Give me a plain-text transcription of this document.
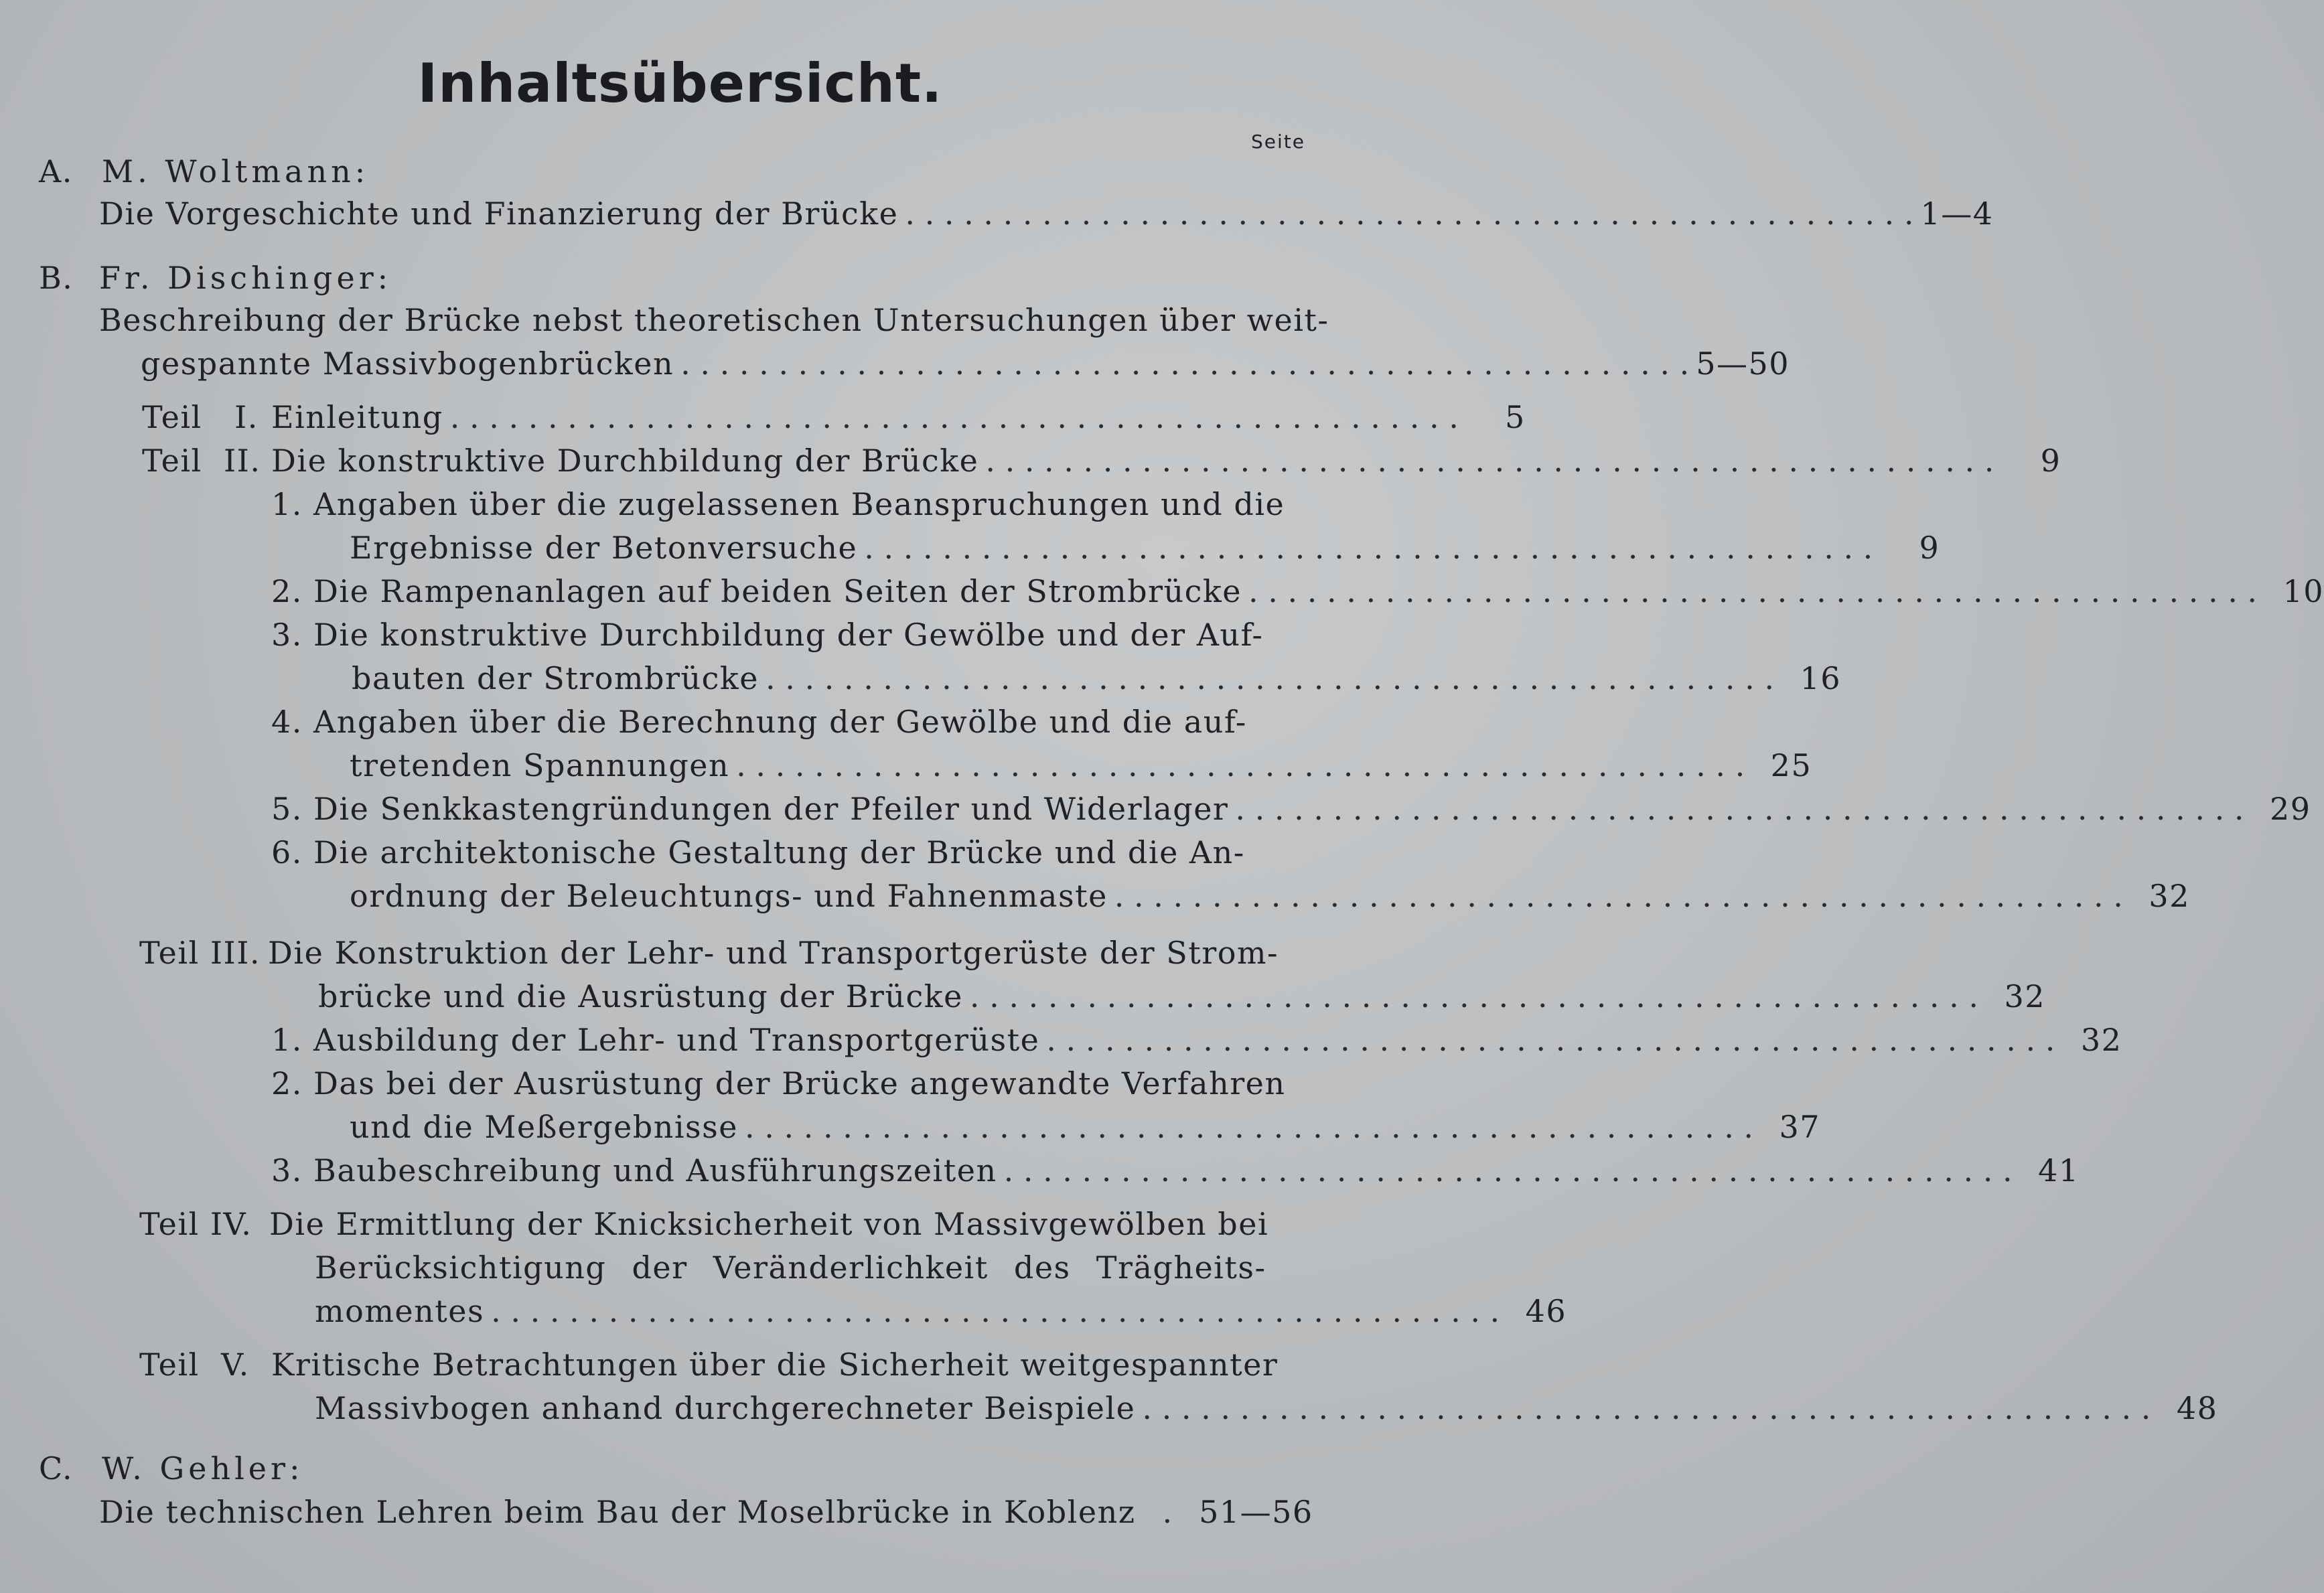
Inhaltsübersicht.
Seite
A. M. Woltmann:
Die Vorgeschichte und Finanzierung der Brücke . . . . . . . . . . . . . . . . . . . . . . . . . . . . . . . . . . . . . . . . . . . . . . . . . . . . 1—4
B. Fr. Dischinger:
Beschreibung der Brücke nebst theoretischen Untersuchungen über weit-
gespannte Massivbogenbrücken . . . . . . . . . . . . . . . . . . . . . . . . . . . . . . . . . . . . . . . . . . . . . . . . . . . . 5—50
Teil   I. Einleitung . . . . . . . . . . . . . . . . . . . . . . . . . . . . . . . . . . . . . . . . . . . . . . . . . . . .	5
Teil  II. Die konstruktive Durchbildung der Brücke . . . . . . . . . . . . . . . . . . . . . . . . . . . . . . . . . . . . . . . . . . . . . . . . . . . .	9
1. Angaben über die zugelassenen Beanspruchungen und die
Ergebnisse der Betonversuche . . . . . . . . . . . . . . . . . . . . . . . . . . . . . . . . . . . . . . . . . . . . . . . . . . . .	9
2. Die Rampenanlagen auf beiden Seiten der Strombrücke . . . . . . . . . . . . . . . . . . . . . . . . . . . . . . . . . . . . . . . . . . . . . . . . . . . . 10
3. Die konstruktive Durchbildung der Gewölbe und der Auf-
bauten der Strombrücke . . . . . . . . . . . . . . . . . . . . . . . . . . . . . . . . . . . . . . . . . . . . . . . . . . . . 16
4. Angaben über die Berechnung der Gewölbe und die auf-
tretenden Spannungen . . . . . . . . . . . . . . . . . . . . . . . . . . . . . . . . . . . . . . . . . . . . . . . . . . . . 25
5. Die Senkkastengründungen der Pfeiler und Widerlager . . . . . . . . . . . . . . . . . . . . . . . . . . . . . . . . . . . . . . . . . . . . . . . . . . . . 29
6. Die architektonische Gestaltung der Brücke und die An-
ordnung der Beleuchtungs- und Fahnenmaste . . . . . . . . . . . . . . . . . . . . . . . . . . . . . . . . . . . . . . . . . . . . . . . . . . . . 32
Teil III. Die Konstruktion der Lehr- und Transportgerüste der Strom-
brücke und die Ausrüstung der Brücke . . . . . . . . . . . . . . . . . . . . . . . . . . . . . . . . . . . . . . . . . . . . . . . . . . . . 32
1. Ausbildung der Lehr- und Transportgerüste . . . . . . . . . . . . . . . . . . . . . . . . . . . . . . . . . . . . . . . . . . . . . . . . . . . . 32
2. Das bei der Ausrüstung der Brücke angewandte Verfahren
und die Meßergebnisse . . . . . . . . . . . . . . . . . . . . . . . . . . . . . . . . . . . . . . . . . . . . . . . . . . . . 37
3. Baubeschreibung und Ausführungszeiten . . . . . . . . . . . . . . . . . . . . . . . . . . . . . . . . . . . . . . . . . . . . . . . . . . . . 41
Teil IV. Die Ermittlung der Knicksicherheit von Massivgewölben bei
Berücksichtigung der Veränderlichkeit des Trägheits-
momentes . . . . . . . . . . . . . . . . . . . . . . . . . . . . . . . . . . . . . . . . . . . . . . . . . . . . 46
Teil  V. Kritische Betrachtungen über die Sicherheit weitgespannter
Massivbogen anhand durchgerechneter Beispiele . . . . . . . . . . . . . . . . . . . . . . . . . . . . . . . . . . . . . . . . . . . . . . . . . . . . 48
C. W. Gehler:
Die technischen Lehren beim Bau der Moselbrücke in Koblenz . 51—56
